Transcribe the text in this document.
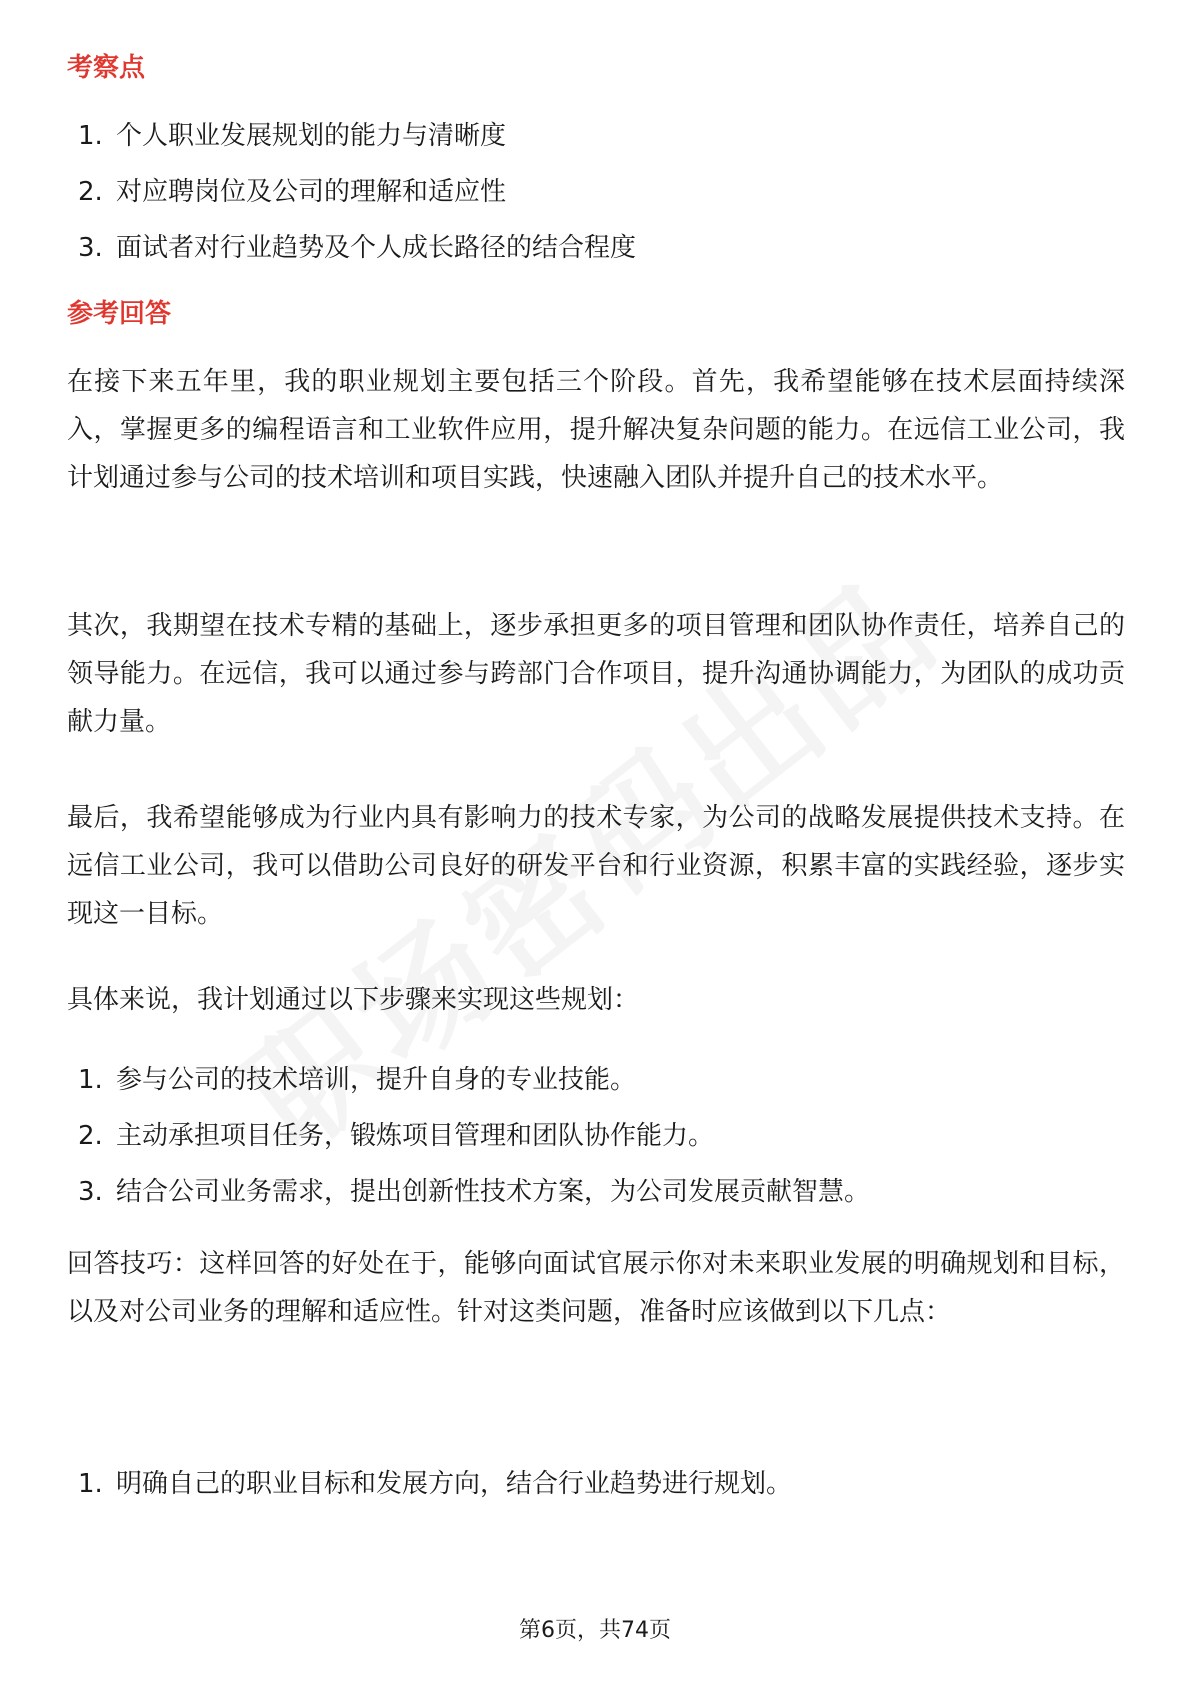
考察点
1. 个人职业发展规划的能力与清晰度
2. 对应聘岗位及公司的理解和适应性
3. 面试者对行业趋势及个人成长路径的结合程度
参考回答

在接下来五年里，我的职业规划主要包括三个阶段。首先，我希望能够在技术层面持续深入，掌握更多的编程语言和工业软件应用，提升解决复杂问题的能力。在远信工业公司，我计划通过参与公司的技术培训和项目实践，快速融入团队并提升自己的技术水平。

其次，我期望在技术专精的基础上，逐步承担更多的项目管理和团队协作责任，培养自己的领导能力。在远信，我可以通过参与跨部门合作项目，提升沟通协调能力，为团队的成功贡献力量。

最后，我希望能够成为行业内具有影响力的技术专家，为公司的战略发展提供技术支持。在远信工业公司，我可以借助公司良好的研发平台和行业资源，积累丰富的实践经验，逐步实现这一目标。

具体来说，我计划通过以下步骤来实现这些规划：

1. 参与公司的技术培训，提升自身的专业技能。
2. 主动承担项目任务，锻炼项目管理和团队协作能力。
3. 结合公司业务需求，提出创新性技术方案，为公司发展贡献智慧。

回答技巧：这样回答的好处在于，能够向面试官展示你对未来职业发展的明确规划和目标，以及对公司业务的理解和适应性。针对这类问题，准备时应该做到以下几点：

1. 明确自己的职业目标和发展方向，结合行业趋势进行规划。
第6页，共74页
